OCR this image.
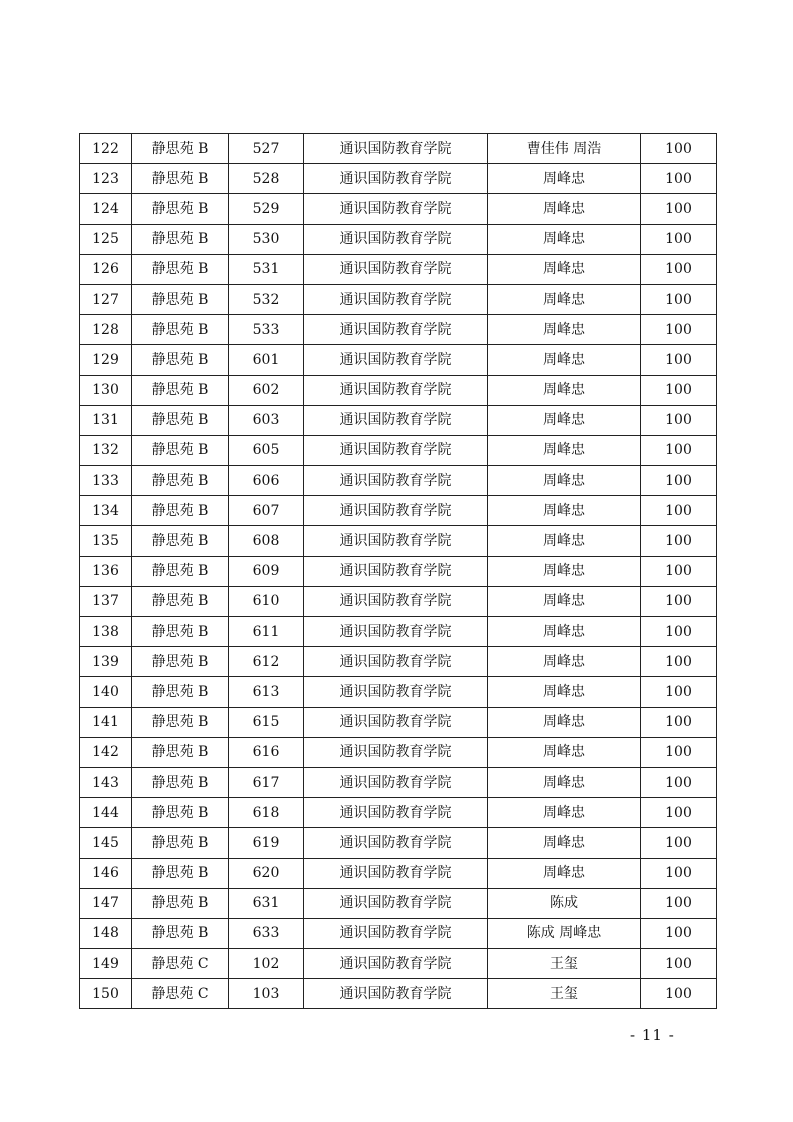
122	静思苑 B	527	通识国防教育学院	曹佳伟 周浩	100
123	静思苑 B	528	通识国防教育学院	周峰忠	100
124	静思苑 B	529	通识国防教育学院	周峰忠	100
125	静思苑 B	530	通识国防教育学院	周峰忠	100
126	静思苑 B	531	通识国防教育学院	周峰忠	100
127	静思苑 B	532	通识国防教育学院	周峰忠	100
128	静思苑 B	533	通识国防教育学院	周峰忠	100
129	静思苑 B	601	通识国防教育学院	周峰忠	100
130	静思苑 B	602	通识国防教育学院	周峰忠	100
131	静思苑 B	603	通识国防教育学院	周峰忠	100
132	静思苑 B	605	通识国防教育学院	周峰忠	100
133	静思苑 B	606	通识国防教育学院	周峰忠	100
134	静思苑 B	607	通识国防教育学院	周峰忠	100
135	静思苑 B	608	通识国防教育学院	周峰忠	100
136	静思苑 B	609	通识国防教育学院	周峰忠	100
137	静思苑 B	610	通识国防教育学院	周峰忠	100
138	静思苑 B	611	通识国防教育学院	周峰忠	100
139	静思苑 B	612	通识国防教育学院	周峰忠	100
140	静思苑 B	613	通识国防教育学院	周峰忠	100
141	静思苑 B	615	通识国防教育学院	周峰忠	100
142	静思苑 B	616	通识国防教育学院	周峰忠	100
143	静思苑 B	617	通识国防教育学院	周峰忠	100
144	静思苑 B	618	通识国防教育学院	周峰忠	100
145	静思苑 B	619	通识国防教育学院	周峰忠	100
146	静思苑 B	620	通识国防教育学院	周峰忠	100
147	静思苑 B	631	通识国防教育学院	陈成	100
148	静思苑 B	633	通识国防教育学院	陈成 周峰忠	100
149	静思苑 C	102	通识国防教育学院	王玺	100
150	静思苑 C	103	通识国防教育学院	王玺	100
- 11 -
